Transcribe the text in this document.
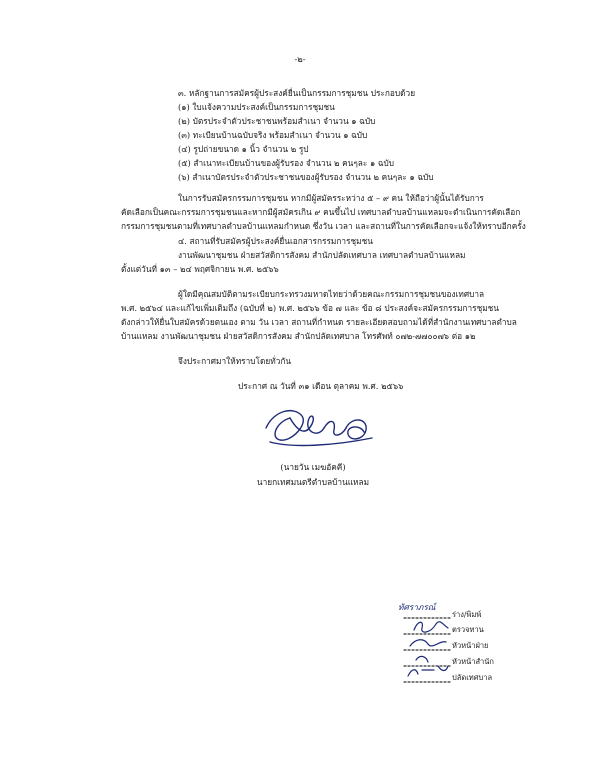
-๒-
๓. หลักฐานการสมัครผู้ประสงค์ยื่นเป็นกรรมการชุมชน ประกอบด้วย
(๑) ใบแจ้งความประสงค์เป็นกรรมการชุมชน
(๒) บัตรประจำตัวประชาชนพร้อมสำเนา จำนวน ๑ ฉบับ
(๓) ทะเบียนบ้านฉบับจริง พร้อมสำเนา จำนวน ๑ ฉบับ
(๔) รูปถ่ายขนาด ๑ นิ้ว จำนวน ๒ รูป
(๕) สำเนาทะเบียนบ้านของผู้รับรอง จำนวน ๒ คนๆละ ๑ ฉบับ
(๖) สำเนาบัตรประจำตัวประชาชนของผู้รับรอง จำนวน ๒ คนๆละ ๑ ฉบับ
ในการรับสมัครกรรมการชุมชน หากมีผู้สมัครระหว่าง ๕ – ๙ คน ให้ถือว่าผู้นั้นได้รับการ
คัดเลือกเป็นคณะกรรมการชุมชนและหากมีผู้สมัครเกิน ๙ คนขึ้นไป เทศบาลตำบลบ้านแหลมจะดำเนินการคัดเลือก
กรรมการชุมชนตามที่เทศบาลตำบลบ้านแหลมกำหนด ซึ่งวัน เวลา และสถานที่ในการคัดเลือกจะแจ้งให้ทราบอีกครั้ง
๔. สถานที่รับสมัครผู้ประสงค์ยื่นเอกสารกรรมการชุมชน
งานพัฒนาชุมชน ฝ่ายสวัสดิการสังคม สำนักปลัดเทศบาล เทศบาลตำบลบ้านแหลม
ตั้งแต่วันที่ ๑๓ – ๒๔ พฤศจิกายน พ.ศ. ๒๕๖๖
ผู้ใดมีคุณสมบัติตามระเบียบกระทรวงมหาดไทยว่าด้วยคณะกรรมการชุมชนของเทศบาล
พ.ศ. ๒๕๖๔ และแก้ไขเพิ่มเติมถึง (ฉบับที่ ๒) พ.ศ. ๒๕๖๖ ข้อ ๗ และ ข้อ ๘ ประสงค์จะสมัครกรรมการชุมชน
ดังกล่าวให้ยื่นใบสมัครด้วยตนเอง ตาม วัน เวลา สถานที่กำหนด รายละเอียดสอบถามได้ที่สำนักงานเทศบาลตำบล
บ้านแหลม งานพัฒนาชุมชน ฝ่ายสวัสดิการสังคม สำนักปลัดเทศบาล โทรศัพท์ ๐๗๒-๗๗๐๐๗๖ ต่อ ๑๒
จึงประกาศมาให้ทราบโดยทั่วกัน
ประกาศ ณ วันที่ ๓๑ เดือน ตุลาคม พ.ศ. ๒๕๖๖
(นายวัน เมฆอัคคี)
นายกเทศมนตรีตำบลบ้านแหลม
ทัศราภรณ์
ร่าง/พิมพ์
ตรวจทาน
หัวหน้าฝ่าย
หัวหน้าสำนัก
ปลัดเทศบาล
